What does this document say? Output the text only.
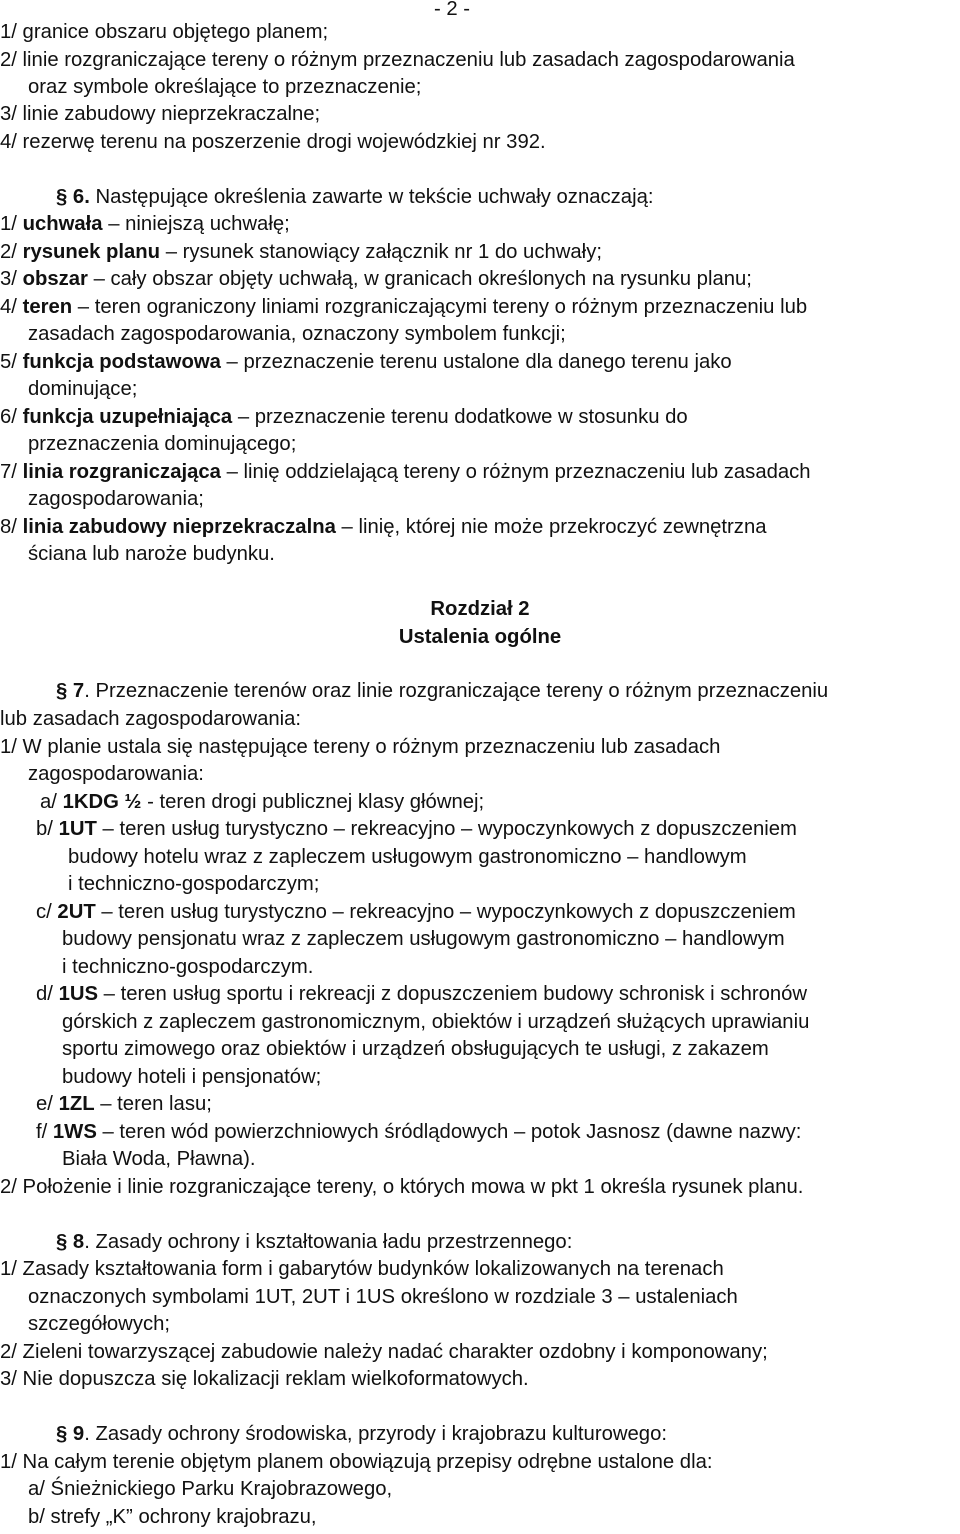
- 2 -
1/ granice obszaru objętego planem;
2/ linie rozgraniczające tereny o różnym przeznaczeniu lub zasadach zagospodarowania
oraz symbole określające to przeznaczenie;
3/ linie zabudowy nieprzekraczalne;
4/ rezerwę terenu na poszerzenie drogi wojewódzkiej nr 392.
§ 6. Następujące określenia zawarte w tekście uchwały oznaczają:
1/ uchwała – niniejszą uchwałę;
2/ rysunek planu – rysunek stanowiący załącznik nr 1 do uchwały;
3/ obszar – cały obszar objęty uchwałą, w granicach określonych na rysunku planu;
4/ teren – teren ograniczony liniami rozgraniczającymi tereny o różnym przeznaczeniu lub
zasadach zagospodarowania, oznaczony symbolem funkcji;
5/ funkcja podstawowa – przeznaczenie terenu ustalone dla danego terenu jako
dominujące;
6/ funkcja uzupełniająca – przeznaczenie terenu dodatkowe w stosunku do
przeznaczenia dominującego;
7/ linia rozgraniczająca – linię oddzielającą tereny o różnym przeznaczeniu lub zasadach
zagospodarowania;
8/ linia zabudowy nieprzekraczalna – linię, której nie może przekroczyć zewnętrzna
ściana lub naroże budynku.
§ 7. Przeznaczenie terenów oraz linie rozgraniczające tereny o różnym przeznaczeniu
lub zasadach zagospodarowania:
1/ W planie ustala się następujące tereny o różnym przeznaczeniu lub zasadach
zagospodarowania:
a/ 1KDG ½ - teren drogi publicznej klasy głównej;
b/ 1UT – teren usług turystyczno – rekreacyjno – wypoczynkowych z dopuszczeniem
budowy hotelu wraz z zapleczem usługowym gastronomiczno – handlowym
i techniczno-gospodarczym;
c/ 2UT – teren usług turystyczno – rekreacyjno – wypoczynkowych z dopuszczeniem
budowy pensjonatu wraz z zapleczem usługowym gastronomiczno – handlowym
i techniczno-gospodarczym.
d/ 1US – teren usług sportu i rekreacji z dopuszczeniem budowy schronisk i schronów
górskich z zapleczem gastronomicznym, obiektów i urządzeń służących uprawianiu
sportu zimowego oraz obiektów i urządzeń obsługujących te usługi, z zakazem
budowy hoteli i pensjonatów;
e/ 1ZL – teren lasu;
f/ 1WS – teren wód powierzchniowych śródlądowych – potok Jasnosz (dawne nazwy:
Biała Woda, Pławna).
2/ Położenie i linie rozgraniczające tereny, o których mowa w pkt 1 określa rysunek planu.
§ 8. Zasady ochrony i kształtowania ładu przestrzennego:
1/ Zasady kształtowania form i gabarytów budynków lokalizowanych na terenach
oznaczonych symbolami 1UT, 2UT i 1US określono w rozdziale 3 – ustaleniach
szczegółowych;
2/ Zieleni towarzyszącej zabudowie należy nadać charakter ozdobny i komponowany;
3/ Nie dopuszcza się lokalizacji reklam wielkoformatowych.
§ 9. Zasady ochrony środowiska, przyrody i krajobrazu kulturowego:
1/ Na całym terenie objętym planem obowiązują przepisy odrębne ustalone dla:
a/ Śnieżnickiego Parku Krajobrazowego,
b/ strefy „K” ochrony krajobrazu,
Rozdział 2
Ustalenia ogólne
